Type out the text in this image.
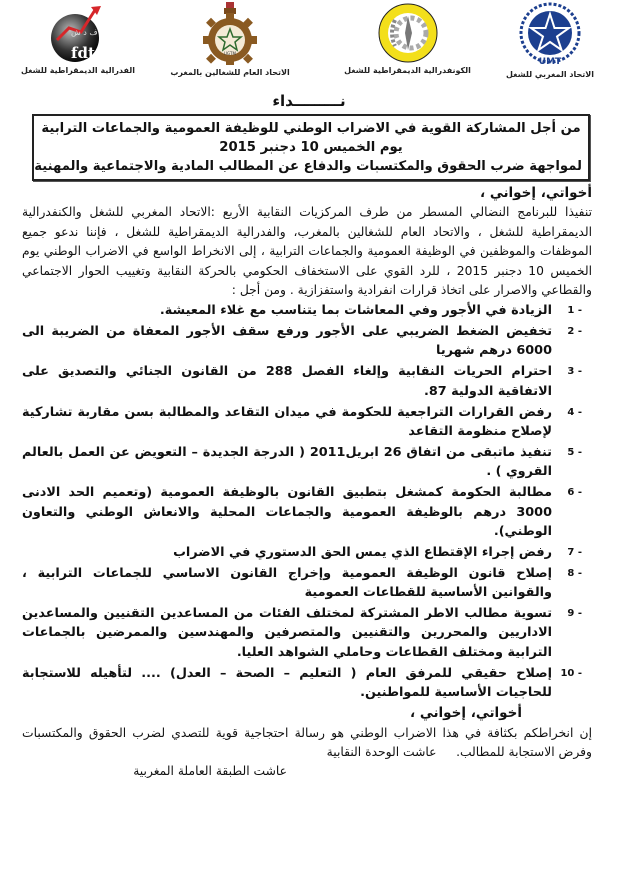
ف د ش
fdt
الفدرالية الديمقراطية للشغل
UGTM
الاتحاد العام للشغالين بالمغرب	الكونفدرالية الديمقراطية للشغل
UMT
الاتحاد المغربي للشغل
نـــــــــداء
من أجل المشاركة القوية في الاضراب الوطني للوظيفة العمومية والجماعات الترابية
يوم الخميس 10 دجنبر 2015
لمواجهة ضرب الحقوق والمكتسبات والدفاع عن المطالب المادية والاجتماعية والمهنية
أخواتي، إخواني ،
تنفيذا للبرنامج النضالي المسطر من طرف المركزيات النقابية الأربع :الاتحاد المغربي للشغل والكنفدرالية الديمقراطية للشغل ، والاتحاد العام للشغالين بالمغرب، والفدرالية الديمقراطية للشغل ، فإننا ندعو جميع الموظفات والموظفين في الوظيفة العمومية والجماعات الترابية ، إلى الانخراط الواسع في الاضراب الوطني يوم الخميس 10 دجنبر 2015 ، للرد القوي على الاستخفاف الحكومي بالحركة النقابية وتغييب الحوار الاجتماعي والقطاعي والاصرار على اتخاذ قرارات انفرادية واستفزازية . ومن أجل :
1 -
الزيادة في الأجور وفي المعاشات بما يتناسب مع غلاء المعيشة.
2 -
تخفيض الضغط الضريبي على الأجور ورفع سقف الأجور المعفاة من الضريبة الى 6000 درهم شهريا
3 -
احترام الحريات النقابية وإلغاء الفصل 288 من القانون الجنائي والتصديق على الاتفاقية الدولية 87.
4 -
رفض القرارات التراجعية للحكومة في ميدان التقاعد والمطالبة بسن مقاربة تشاركية لإصلاح منظومة التقاعد
5 -
تنفيذ ماتبقى من اتفاق 26 ابريل2011 ( الدرجة الجديدة – التعويض عن العمل بالعالم القروي ) .
6 -
مطالبة الحكومة كمشغل بتطبيق القانون بالوظيفة العمومية (وتعميم الحد الادنى 3000 درهم بالوظيفة العمومية والجماعات المحلية والانعاش الوطني والتعاون الوطني).
7 -
رفض إجراء الإقتطاع الذي يمس الحق الدستوري في الاضراب
8 -
إصلاح قانون الوظيفة العمومية وإخراج القانون الاساسي للجماعات الترابية ، والقوانين الأساسية للقطاعات العمومية
9 -
تسوية مطالب الاطر المشتركة لمختلف الفئات من المساعدين التقنيين والمساعدين الاداريين والمحررين والتقنيين والمتصرفين والمهندسين والممرضين بالجماعات الترابية ومختلف القطاعات وحاملي الشواهد العليا.
10 -
إصلاح حقيقي للمرفق العام ( التعليم – الصحة – العدل) .... لتأهيله للاستجابة للحاجيات الأساسية للمواطنين.
أخواتي، إخواني ،
إن انخراطكم بكثافة في هذا الاضراب الوطني هو رسالة احتجاجية قوية للتصدي لضرب الحقوق والمكتسبات وفرض الاستجابة للمطالب.     عاشت الوحدة النقابية
عاشت الطبقة العاملة المغربية
